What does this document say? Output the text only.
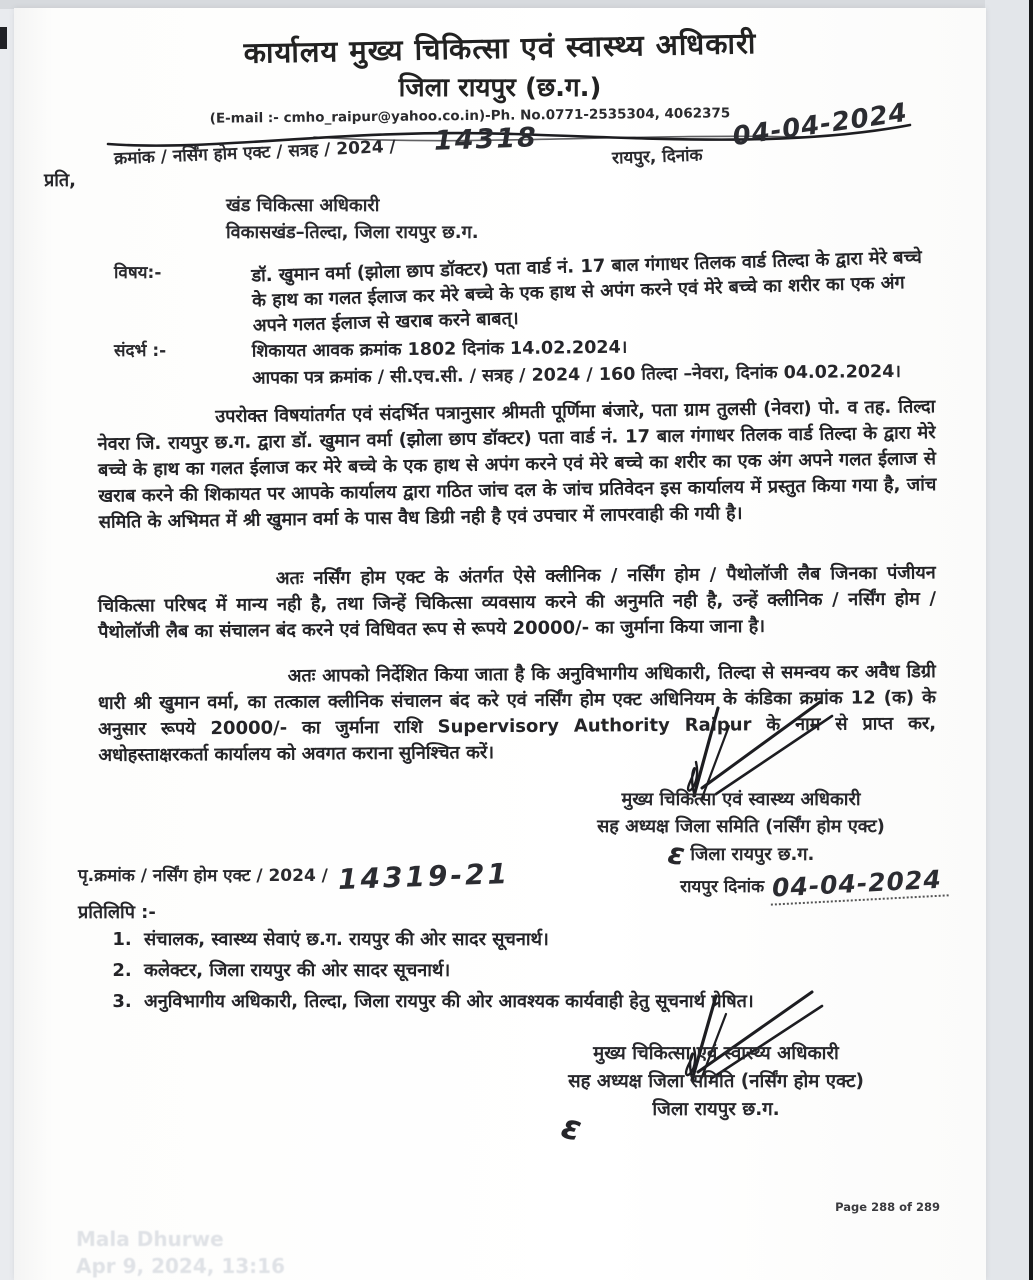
कार्यालय मुख्य चिकित्सा एवं स्वास्थ्य अधिकारी
जिला रायपुर (छ.ग.)
(E-mail :- cmho_raipur@yahoo.co.in)-Ph. No.0771-2535304, 4062375
क्रमांक / नर्सिंग होम एक्ट / सत्रह / 2024 / 14318
रायपुर, दिनांक
04-04-2024
प्रति,
खंड चिकित्सा अधिकारी
विकासखंड–तिल्दा, जिला रायपुर छ.ग.
विषय:-	डॉ. खुमान वर्मा (झोला छाप डॉक्टर) पता वार्ड नं. 17 बाल गंगाधर तिलक वार्ड तिल्दा के द्वारा मेरे बच्चे के हाथ का गलत ईलाज कर मेरे बच्चे के एक हाथ से अपंग करने एवं मेरे बच्चे का शरीर का एक अंग अपने गलत ईलाज से खराब करने बाबत्।
संदर्भ :-	शिकायत आवक क्रमांक 1802 दिनांक 14.02.2024।
आपका पत्र क्रमांक / सी.एच.सी. / सत्रह / 2024 / 160 तिल्दा –नेवरा, दिनांक 04.02.2024।
उपरोक्त विषयांतर्गत एवं संदर्भित पत्रानुसार श्रीमती पूर्णिमा बंजारे, पता ग्राम तुलसी (नेवरा) पो. व तह. तिल्दा नेवरा जि. रायपुर छ.ग. द्वारा डॉ. खुमान वर्मा (झोला छाप डॉक्टर) पता वार्ड नं. 17 बाल गंगाधर तिलक वार्ड तिल्दा के द्वारा मेरे बच्चे के हाथ का गलत ईलाज कर मेरे बच्चे के एक हाथ से अपंग करने एवं मेरे बच्चे का शरीर का एक अंग अपने गलत ईलाज से खराब करने की शिकायत पर आपके कार्यालय द्वारा गठित जांच दल के जांच प्रतिवेदन इस कार्यालय में प्रस्तुत किया गया है, जांच समिति के अभिमत में श्री खुमान वर्मा के पास वैध डिग्री नही है एवं उपचार में लापरवाही की गयी है।
अतः नर्सिंग होम एक्ट के अंतर्गत ऐसे क्लीनिक / नर्सिंग होम / पैथोलॉजी लैब जिनका पंजीयन चिकित्सा परिषद में मान्य नही है, तथा जिन्हें चिकित्सा व्यवसाय करने की अनुमति नही है, उन्हें क्लीनिक / नर्सिंग होम / पैथोलॉजी लैब का संचालन बंद करने एवं विधिवत रूप से रूपये 20000/- का जुर्माना किया जाना है।
अतः आपको निर्देशित किया जाता है कि अनुविभागीय अधिकारी, तिल्दा से समन्वय कर अवैध डिग्री धारी श्री खुमान वर्मा, का तत्काल क्लीनिक संचालन बंद करे एवं नर्सिंग होम एक्ट अधिनियम के कंडिका क्रमांक 12 (क) के अनुसार रूपये 20000/- का जुर्माना राशि Supervisory Authority Raipur के नाम से प्राप्त कर, अधोहस्ताक्षरकर्ता कार्यालय को अवगत कराना सुनिश्चित करें।
मुख्य चिकित्सा एवं स्वास्थ्य अधिकारी
सह अध्यक्ष जिला समिति (नर्सिंग होम एक्ट)
ɛ जिला रायपुर छ.ग.
रायपुर दिनांक 04-04-2024
पृ.क्रमांक / नर्सिंग होम एक्ट / 2024 / 14319-21
प्रतिलिपि :-
1. संचालक, स्वास्थ्य सेवाएं छ.ग. रायपुर की ओर सादर सूचनार्थ।
2. कलेक्टर, जिला रायपुर की ओर सादर सूचनार्थ।
3. अनुविभागीय अधिकारी, तिल्दा, जिला रायपुर की ओर आवश्यक कार्यवाही हेतु सूचनार्थ प्रेषित।
मुख्य चिकित्सा एवं स्वास्थ्य अधिकारी
सह अध्यक्ष जिला समिति (नर्सिंग होम एक्ट)
जिला रायपुर छ.ग.
ɛ
Page 288 of 289
Mala Dhurwe
Apr 9, 2024, 13:16
